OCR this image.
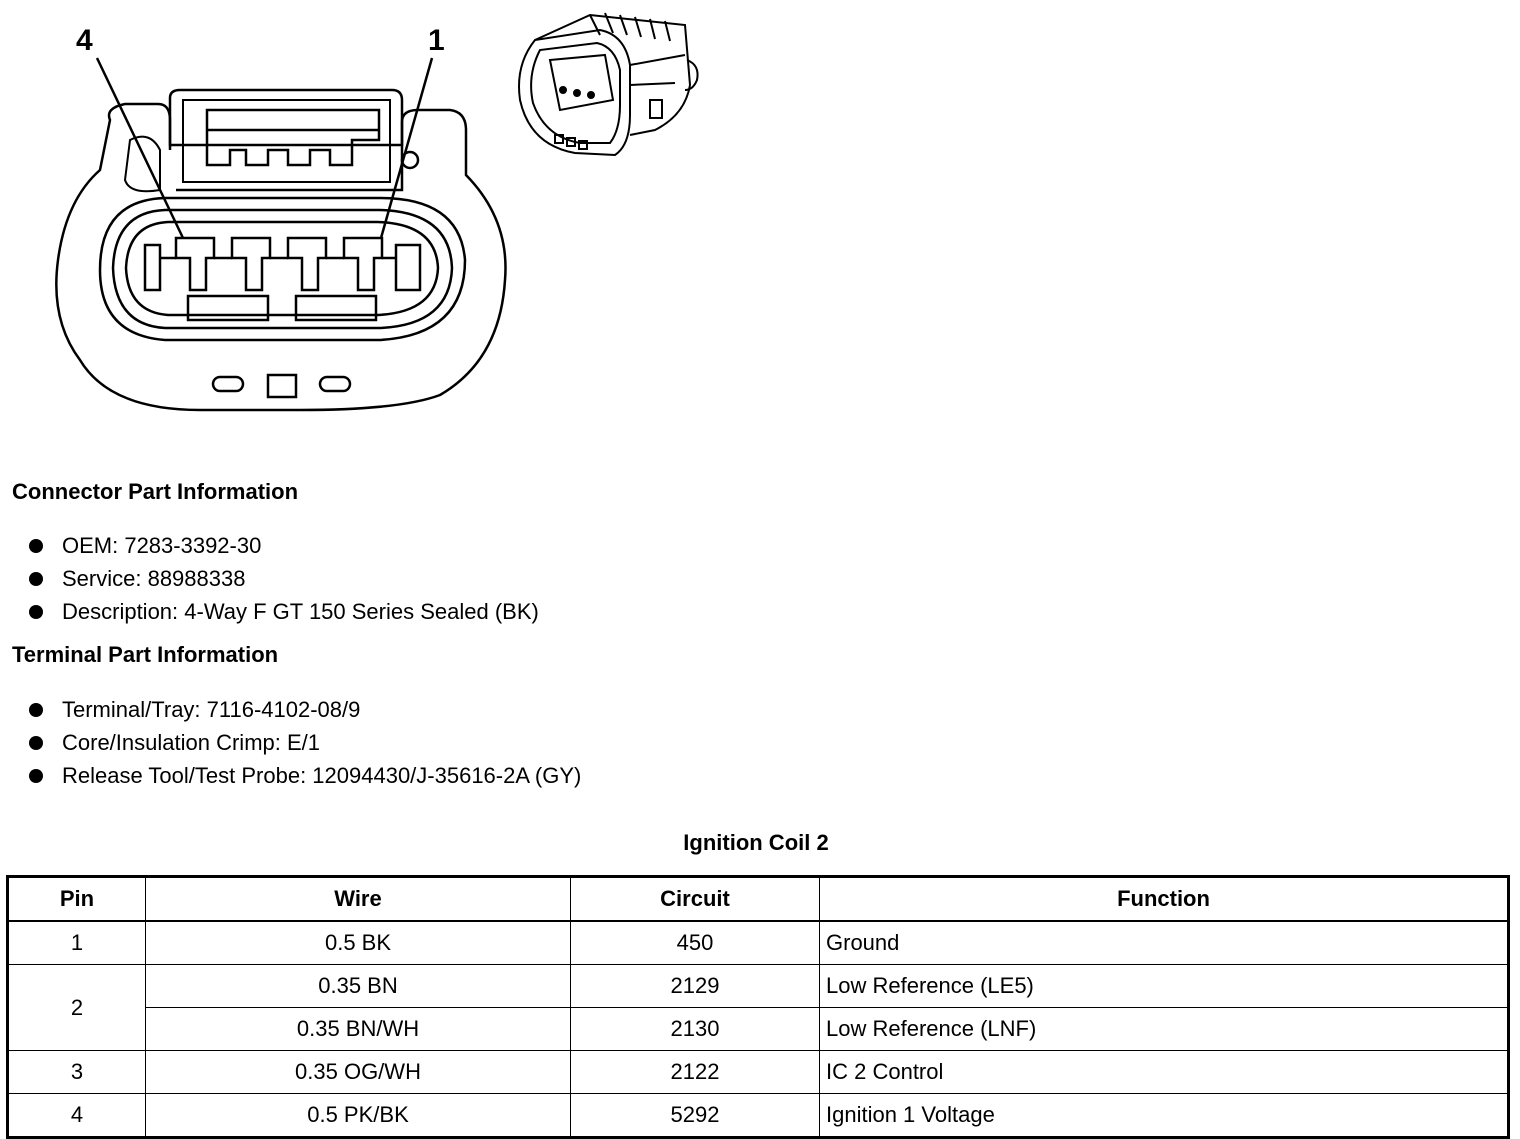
4	1
Connector Part Information
OEM: 7283-3392-30
Service: 88988338
Description: 4-Way F GT 150 Series Sealed (BK)
Terminal Part Information
Terminal/Tray: 7116-4102-08/9
Core/Insulation Crimp: E/1
Release Tool/Test Probe: 12094430/J-35616-2A (GY)
Ignition Coil 2
Pin	Wire	Circuit	Function
1	0.5 BK	450	Ground
2	0.35 BN	2129	Low Reference (LE5)
	0.35 BN/WH	2130	Low Reference (LNF)
3	0.35 OG/WH	2122	IC 2 Control
4	0.5 PK/BK	5292	Ignition 1 Voltage
